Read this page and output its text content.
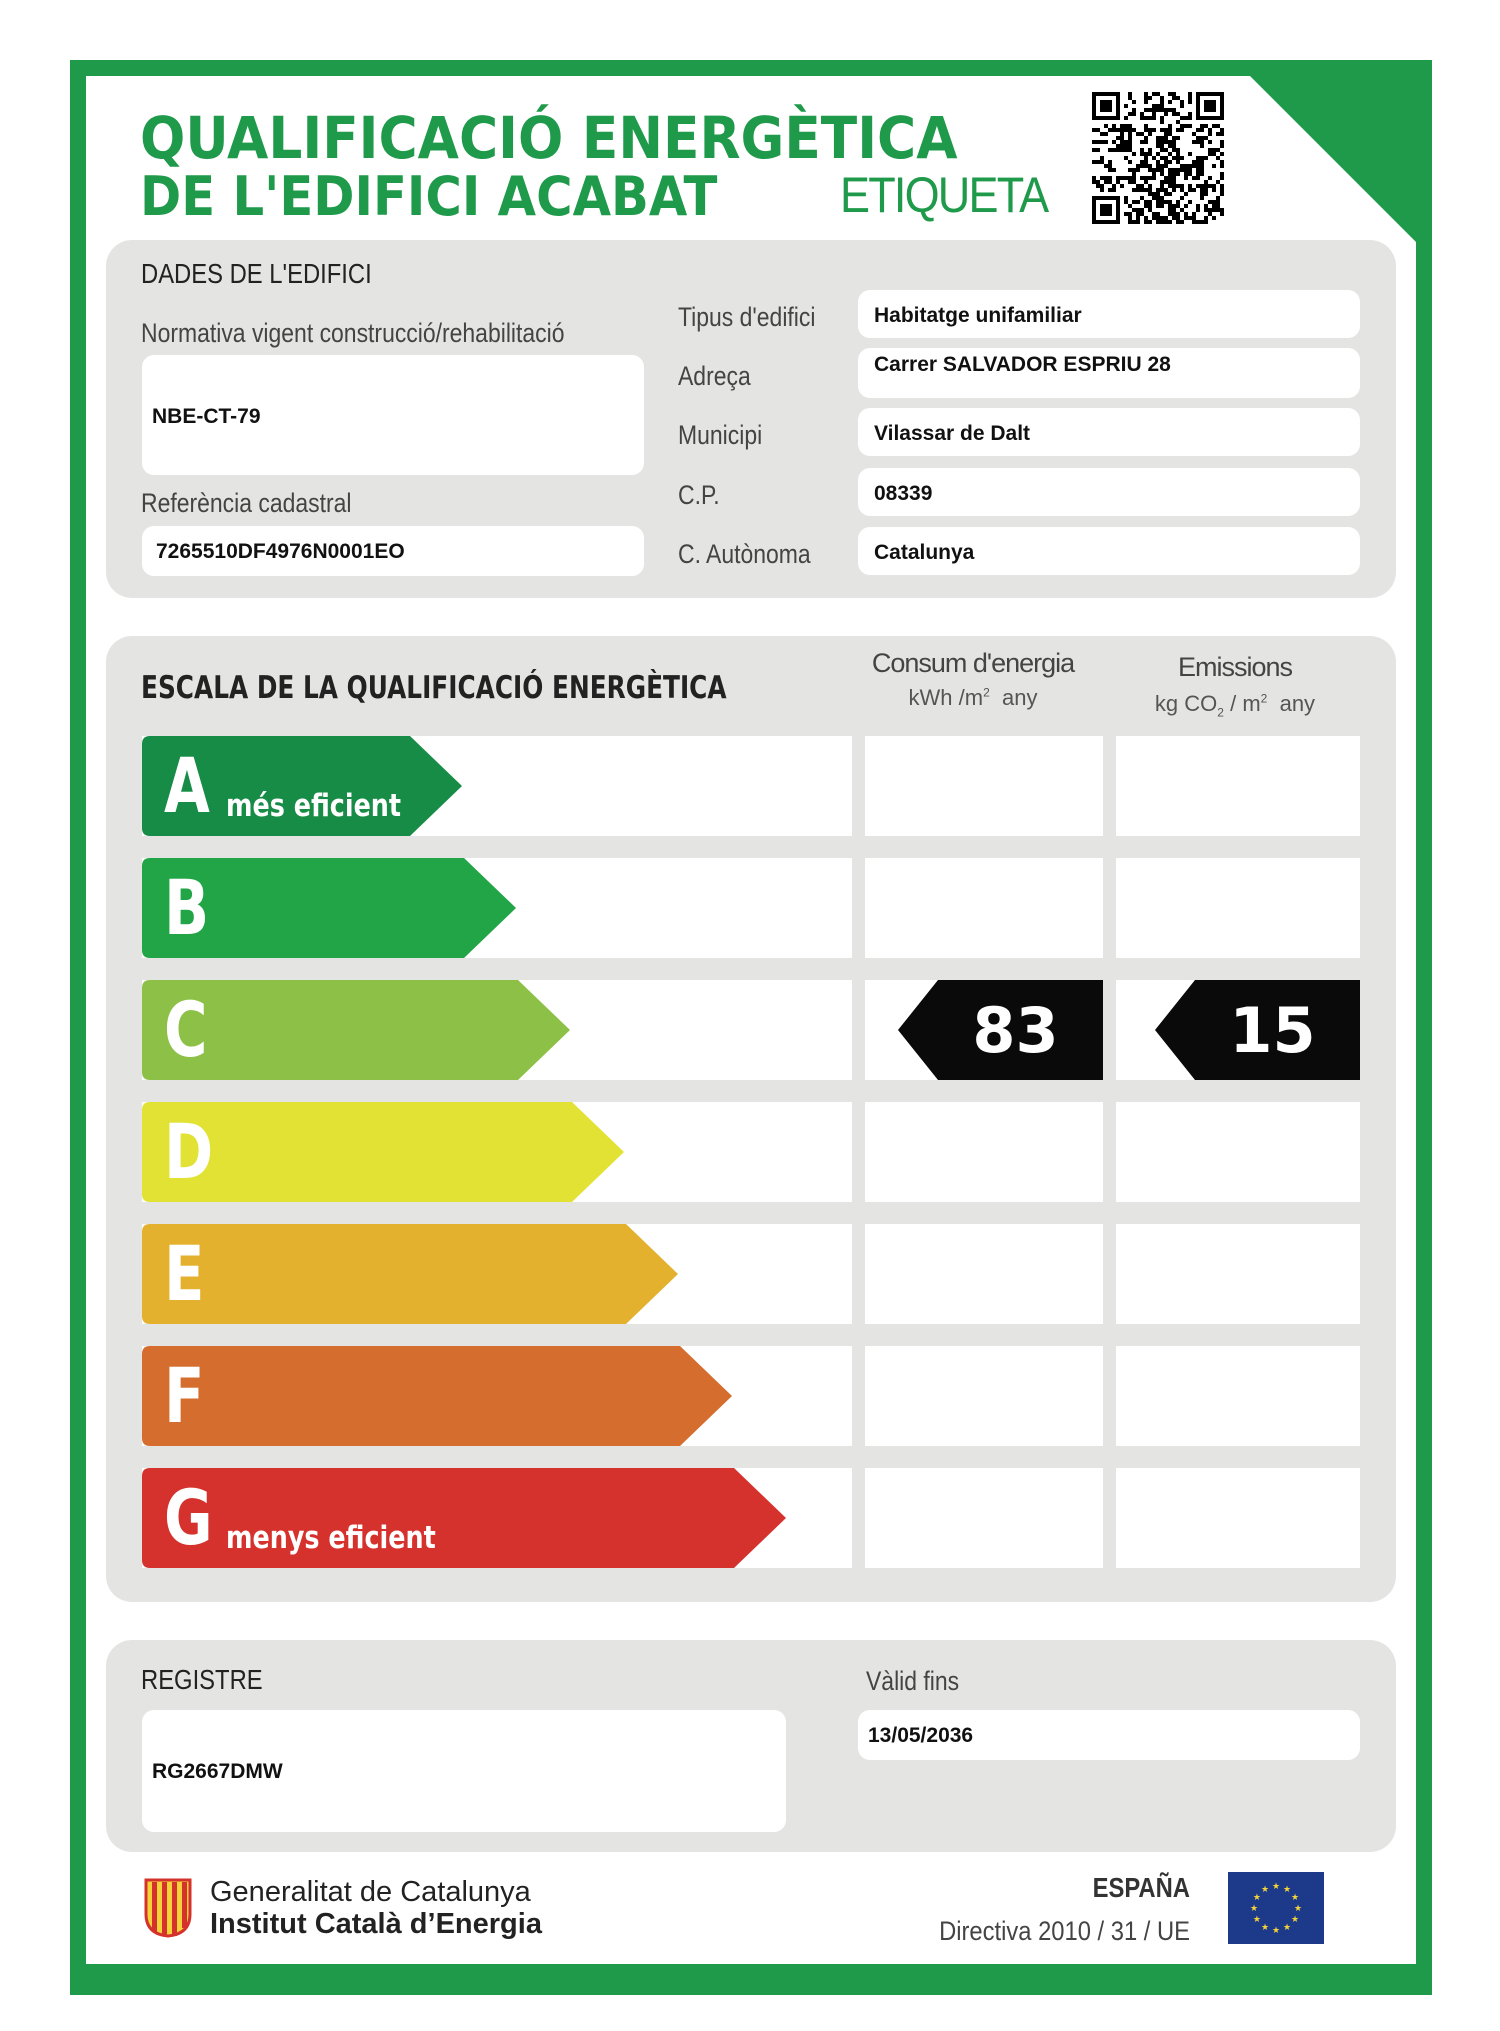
QUALIFICACIÓ ENERGÈTICA
DE L'EDIFICI ACABAT ETIQUETA
DADES DE L'EDIFICI
Normativa vigent construcció/rehabilitació
NBE-CT-79
Referència cadastral
7265510DF4976N0001EO
Tipus d'edifici
Adreça
Municipi
C.P.
C. Autònoma
Habitatge unifamiliar
Carrer SALVADOR ESPRIU 28
Vilassar de Dalt
08339
Catalunya
ESCALA DE LA QUALIFICACIÓ ENERGÈTICA
Consum d'energia
kWh $/m^2$ any
Emissions
kg $CO_2 / m^2$ any
A més eficient
B
C	83	15
D
E
F
G menys eficient
REGISTRE
RG2667DMW
Vàlid fins
13/05/2036
Generalitat de Catalunya
Institut Català d’Energia
ESPAÑA
Directiva 2010 / 31 / UE
★
★
★
★
★
★
★
★
★ ★ ★
★
